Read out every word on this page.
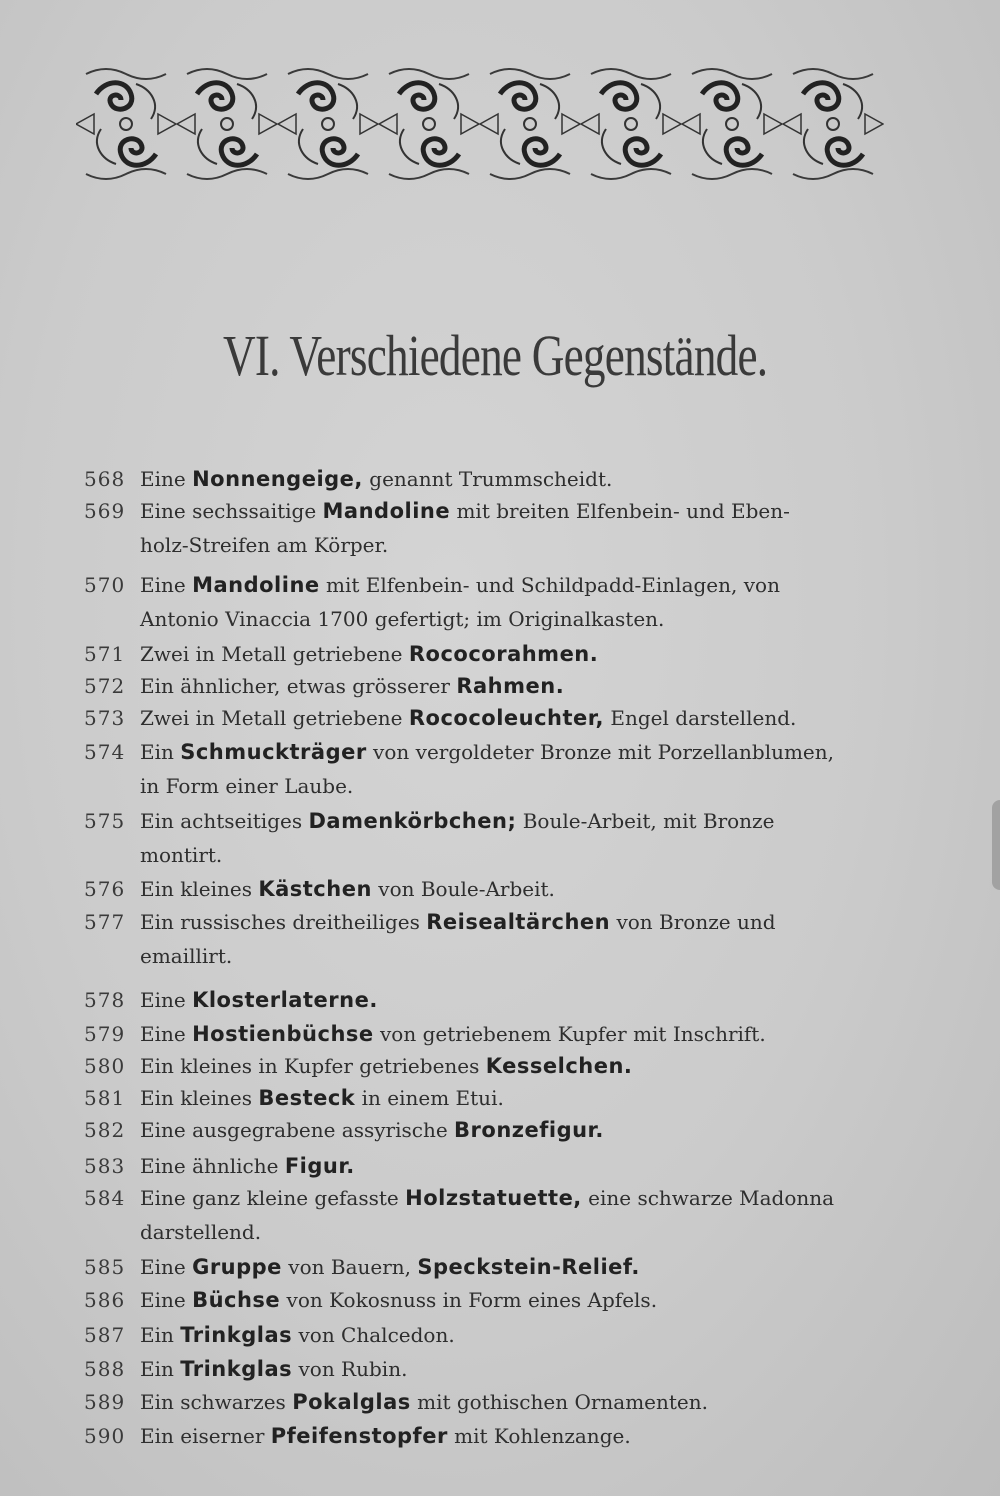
VI. Verschiedene Gegenstände.
568 Eine Nonnengeige, genannt Trummscheidt.
569 Eine sechssaitige Mandoline mit breiten Elfenbein- und Eben-
holz-Streifen am Körper.
570 Eine Mandoline mit Elfenbein- und Schildpadd-Einlagen, von
Antonio Vinaccia 1700 gefertigt; im Originalkasten.
571 Zwei in Metall getriebene Rococorahmen.
572 Ein ähnlicher, etwas grösserer Rahmen.
573 Zwei in Metall getriebene Rococoleuchter, Engel darstellend.
574 Ein Schmuckträger von vergoldeter Bronze mit Porzellanblumen,
in Form einer Laube.
575 Ein achtseitiges Damenkörbchen; Boule-Arbeit, mit Bronze
montirt.
576 Ein kleines Kästchen von Boule-Arbeit.
577 Ein russisches dreitheiliges Reisealtärchen von Bronze und
emaillirt.
578 Eine Klosterlaterne.
579 Eine Hostienbüchse von getriebenem Kupfer mit Inschrift.
580 Ein kleines in Kupfer getriebenes Kesselchen.
581 Ein kleines Besteck in einem Etui.
582 Eine ausgegrabene assyrische Bronzefigur.
583 Eine ähnliche Figur.
584 Eine ganz kleine gefasste Holzstatuette, eine schwarze Madonna
darstellend.
585 Eine Gruppe von Bauern, Speckstein-Relief.
586 Eine Büchse von Kokosnuss in Form eines Apfels.
587 Ein Trinkglas von Chalcedon.
588 Ein Trinkglas von Rubin.
589 Ein schwarzes Pokalglas mit gothischen Ornamenten.
590 Ein eiserner Pfeifenstopfer mit Kohlenzange.
